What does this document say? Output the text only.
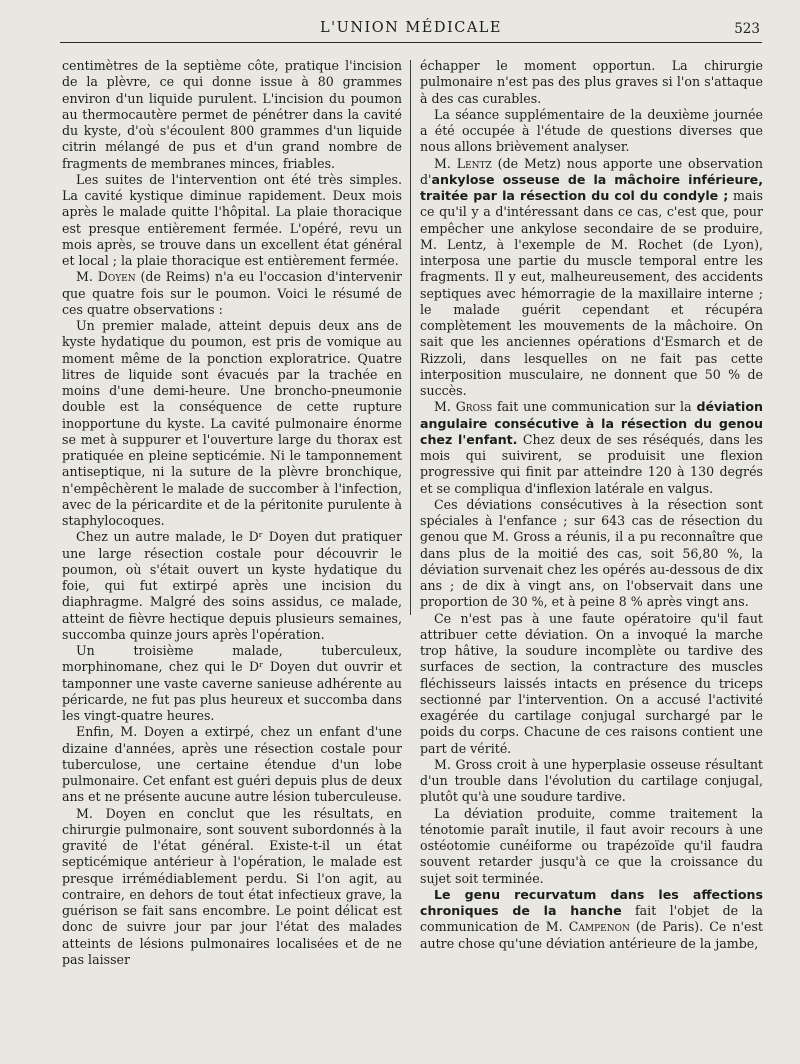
L'UNION MÉDICALE	523

centimètres de la septième côte, pratique l'incision de la plèvre, ce qui donne issue à 80 grammes environ d'un liquide purulent. L'incision du poumon au thermocautère permet de pénétrer dans la cavité du kyste, d'où s'écoulent 800 grammes d'un liquide citrin mélangé de pus et d'un grand nombre de fragments de membranes minces, friables.

Les suites de l'intervention ont été très simples. La cavité kystique diminue rapidement. Deux mois après le malade quitte l'hôpital. La plaie thoracique est presque entièrement fermée. L'opéré, revu un mois après, se trouve dans un excellent état général et local ; la plaie thoracique est entièrement fermée.

M. Doyen (de Reims) n'a eu l'occasion d'intervenir que quatre fois sur le poumon. Voici le résumé de ces quatre observations :

Un premier malade, atteint depuis deux ans de kyste hydatique du poumon, est pris de vomique au moment même de la ponction exploratrice. Quatre litres de liquide sont évacués par la trachée en moins d'une demi-heure. Une broncho-pneumonie double est la conséquence de cette rupture inopportune du kyste. La cavité pulmonaire énorme se met à suppurer et l'ouverture large du thorax est pratiquée en pleine septicémie. Ni le tamponnement antiseptique, ni la suture de la plèvre bronchique, n'empêchèrent le malade de succomber à l'infection, avec de la péricardite et de la péritonite purulente à staphylocoques.

Chez un autre malade, le Dʳ Doyen dut pratiquer une large résection costale pour découvrir le poumon, où s'était ouvert un kyste hydatique du foie, qui fut extirpé après une incision du diaphragme. Malgré des soins assidus, ce malade, atteint de fièvre hectique depuis plusieurs semaines, succomba quinze jours après l'opération.

Un troisième malade, tuberculeux, morphinomane, chez qui le Dʳ Doyen dut ouvrir et tamponner une vaste caverne sanieuse adhérente au péricarde, ne fut pas plus heureux et succomba dans les vingt-quatre heures.

Enfin, M. Doyen a extirpé, chez un enfant d'une dizaine d'années, après une résection costale pour tuberculose, une certaine étendue d'un lobe pulmonaire. Cet enfant est guéri depuis plus de deux ans et ne présente aucune autre lésion tuberculeuse.

M. Doyen en conclut que les résultats, en chirurgie pulmonaire, sont souvent subordonnés à la gravité de l'état général. Existe-t-il un état septicémique antérieur à l'opération, le malade est presque irrémédiablement perdu. Si l'on agit, au contraire, en dehors de tout état infectieux grave, la guérison se fait sans encombre. Le point délicat est donc de suivre jour par jour l'état des malades atteints de lésions pulmonaires localisées et de ne pas laisser

échapper le moment opportun. La chirurgie pulmonaire n'est pas des plus graves si l'on s'attaque à des cas curables.

La séance supplémentaire de la deuxième journée a été occupée à l'étude de questions diverses que nous allons brièvement analyser.

M. Lentz (de Metz) nous apporte une observation d'ankylose osseuse de la mâchoire inférieure, traitée par la résection du col du condyle ; mais ce qu'il y a d'intéressant dans ce cas, c'est que, pour empêcher une ankylose secondaire de se produire, M. Lentz, à l'exemple de M. Rochet (de Lyon), interposa une partie du muscle temporal entre les fragments. Il y eut, malheureusement, des accidents septiques avec hémorragie de la maxillaire interne ; le malade guérit cependant et récupéra complètement les mouvements de la mâchoire. On sait que les anciennes opérations d'Esmarch et de Rizzoli, dans lesquelles on ne fait pas cette interposition musculaire, ne donnent que 50 % de succès.

M. Gross fait une communication sur la déviation angulaire consécutive à la résection du genou chez l'enfant. Chez deux de ses réséqués, dans les mois qui suivirent, se produisit une flexion progressive qui finit par atteindre 120 à 130 degrés et se compliqua d'inflexion latérale en valgus.

Ces déviations consécutives à la résection sont spéciales à l'enfance ; sur 643 cas de résection du genou que M. Gross a réunis, il a pu reconnaître que dans plus de la moitié des cas, soit 56,80 %, la déviation survenait chez les opérés au-dessous de dix ans ; de dix à vingt ans, on l'observait dans une proportion de 30 %, et à peine 8 % après vingt ans.

Ce n'est pas à une faute opératoire qu'il faut attribuer cette déviation. On a invoqué la marche trop hâtive, la soudure incomplète ou tardive des surfaces de section, la contracture des muscles fléchisseurs laissés intacts en présence du triceps sectionné par l'intervention. On a accusé l'activité exagérée du cartilage conjugal surchargé par le poids du corps. Chacune de ces raisons contient une part de vérité.

M. Gross croit à une hyperplasie osseuse résultant d'un trouble dans l'évolution du cartilage conjugal, plutôt qu'à une soudure tardive.

La déviation produite, comme traitement la ténotomie paraît inutile, il faut avoir recours à une ostéotomie cunéiforme ou trapézoïde qu'il faudra souvent retarder jusqu'à ce que la croissance du sujet soit terminée.

Le genu recurvatum dans les affections chroniques de la hanche fait l'objet de la communication de M. Campenon (de Paris). Ce n'est autre chose qu'une déviation antérieure de la jambe,
